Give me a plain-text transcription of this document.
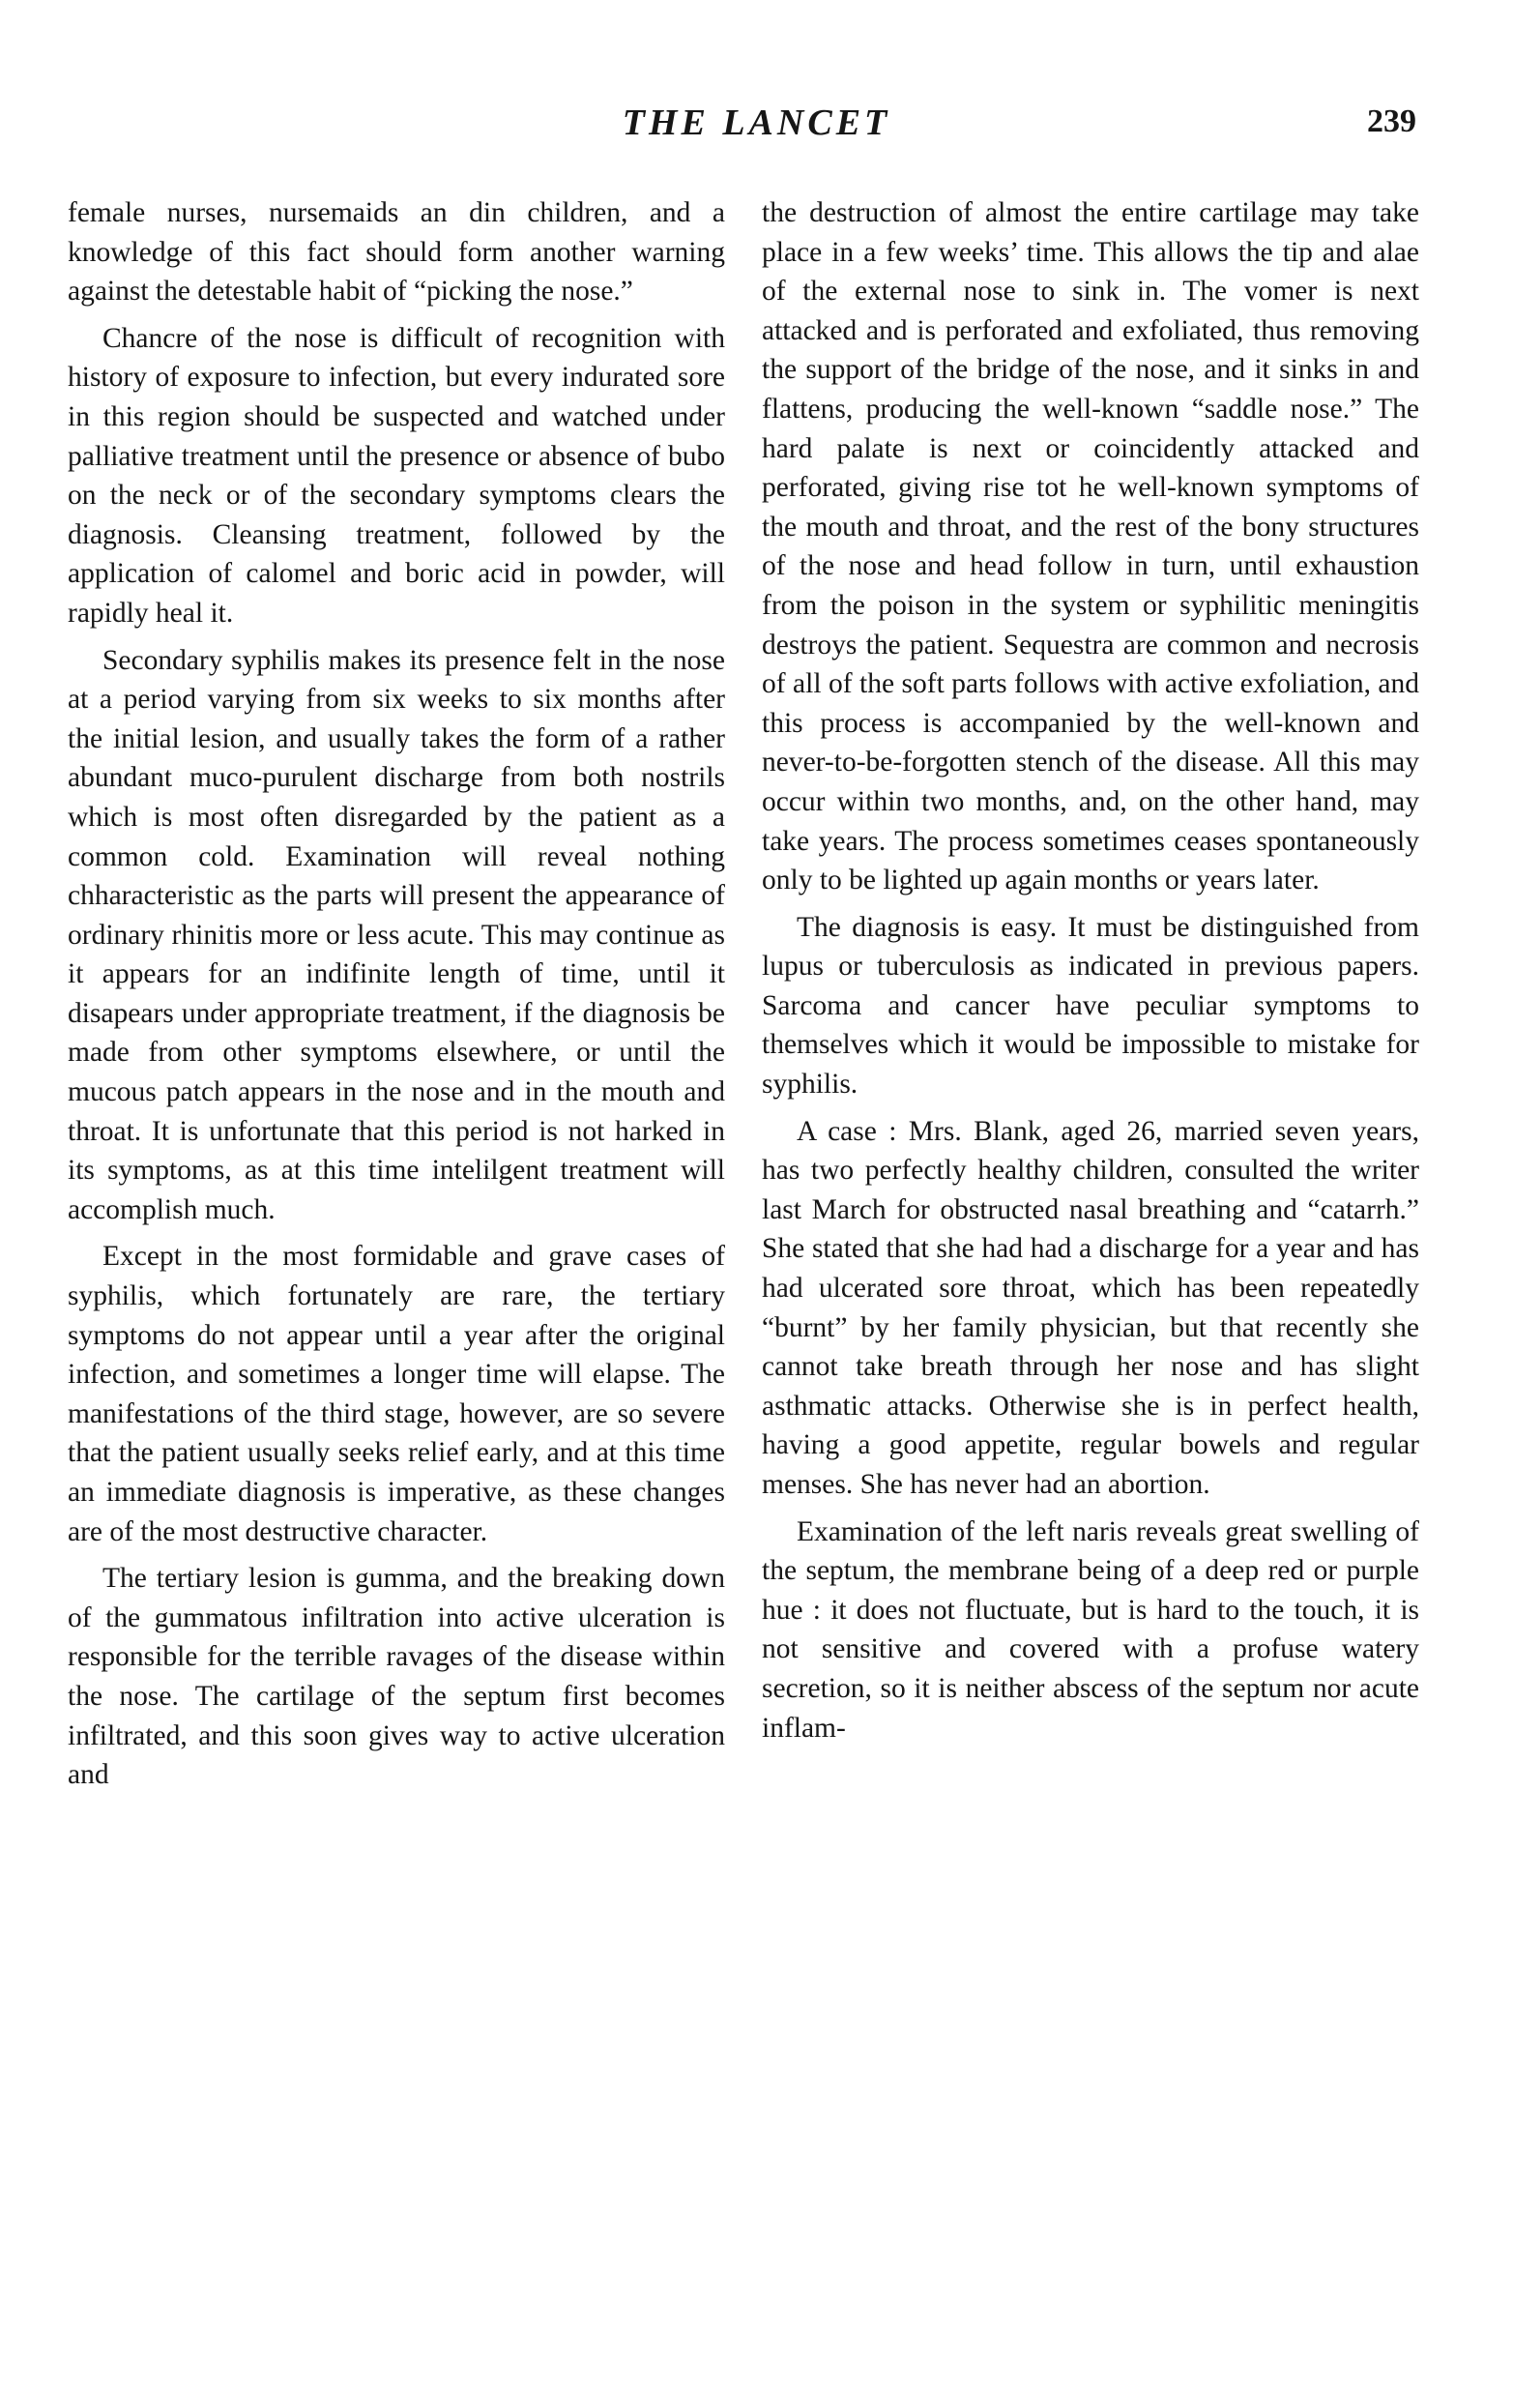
THE LANCET	239

female nurses, nursemaids an din children, and a knowledge of this fact should form another warning against the detestable habit of “picking the nose.”

Chancre of the nose is difficult of recognition with history of exposure to infection, but every indurated sore in this region should be suspected and watched under palliative treatment until the presence or absence of bubo on the neck or of the secondary symptoms clears the diagnosis. Cleansing treatment, followed by the application of calomel and boric acid in powder, will rapidly heal it.

Secondary syphilis makes its presence felt in the nose at a period varying from six weeks to six months after the initial lesion, and usually takes the form of a rather abundant muco-purulent discharge from both nostrils which is most often disregarded by the patient as a common cold. Examination will reveal nothing chharacteristic as the parts will present the appearance of ordinary rhinitis more or less acute. This may continue as it appears for an indifinite length of time, until it disapears under appropriate treatment, if the diagnosis be made from other symptoms elsewhere, or until the mucous patch appears in the nose and in the mouth and throat. It is unfortunate that this period is not harked in its symptoms, as at this time intelilgent treatment will accomplish much.

Except in the most formidable and grave cases of syphilis, which fortunately are rare, the tertiary symptoms do not appear until a year after the original infection, and sometimes a longer time will elapse. The manifestations of the third stage, however, are so severe that the patient usually seeks relief early, and at this time an immediate diagnosis is imperative, as these changes are of the most destructive character.

The tertiary lesion is gumma, and the breaking down of the gummatous infiltration into active ulceration is responsible for the terrible ravages of the disease within the nose. The cartilage of the septum first becomes infiltrated, and this soon gives way to active ulceration and

the destruction of almost the entire cartilage may take place in a few weeks’ time. This allows the tip and alae of the external nose to sink in. The vomer is next attacked and is perforated and exfoliated, thus removing the support of the bridge of the nose, and it sinks in and flattens, producing the well-known “saddle nose.” The hard palate is next or coincidently attacked and perforated, giving rise tot he well-known symptoms of the mouth and throat, and the rest of the bony structures of the nose and head follow in turn, until exhaustion from the poison in the system or syphilitic meningitis destroys the patient. Sequestra are common and necrosis of all of the soft parts follows with active exfoliation, and this process is accompanied by the well-known and never-to-be-forgotten stench of the disease. All this may occur within two months, and, on the other hand, may take years. The process sometimes ceases spontaneously only to be lighted up again months or years later.

The diagnosis is easy. It must be distinguished from lupus or tuberculosis as indicated in previous papers. Sarcoma and cancer have peculiar symptoms to themselves which it would be impossible to mistake for syphilis.

A case : Mrs. Blank, aged 26, married seven years, has two perfectly healthy children, consulted the writer last March for obstructed nasal breathing and “catarrh.” She stated that she had had a discharge for a year and has had ulcerated sore throat, which has been repeatedly “burnt” by her family physician, but that recently she cannot take breath through her nose and has slight asthmatic attacks. Otherwise she is in perfect health, having a good appetite, regular bowels and regular menses. She has never had an abortion.

Examination of the left naris reveals great swelling of the septum, the membrane being of a deep red or purple hue : it does not fluctuate, but is hard to the touch, it is not sensitive and covered with a profuse watery secretion, so it is neither abscess of the septum nor acute inflam-
